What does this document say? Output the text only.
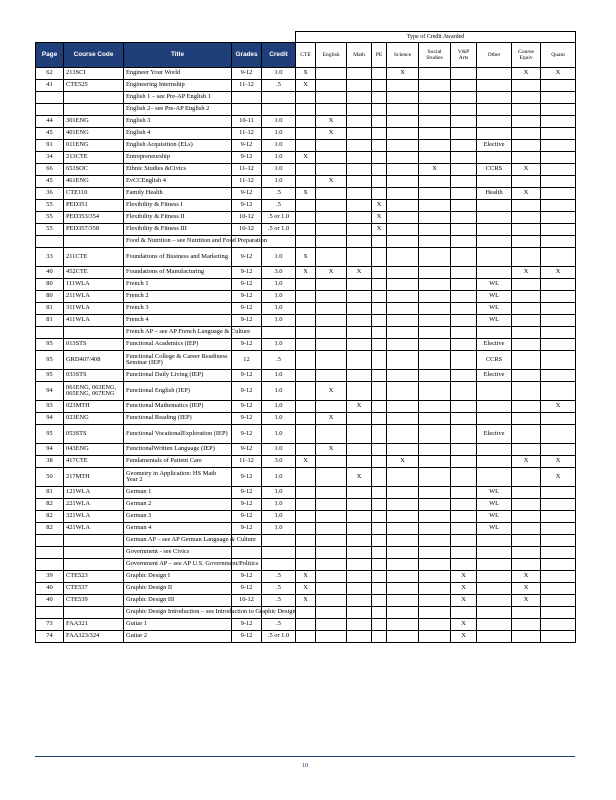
					Type of Credit Awarded									
Page	Course Code	Title	Grades	Credit	CTE	English	Math	PE	Science	Social Studies	V&P Arts	Other	Course Equiv	Quant
62	213SCI	Engineer Your World	9-12	1.0	X				X				X	X
41	CTE525	Engineering Internship	11-12	.5	X									
		English 1 – see Pre-AP English 1												
		English 2– see Pre-AP English 2												
44	301ENG	English 3	10-11	1.0		X								
45	401ENG	English 4	11-12	1.0		X								
91	011ENG	English Acquisition (ELs)	9-12	1.0								Elective		
34	213CTE	Entrepreneurship	9-12	1.0	X									
66	653SOC	Ethnic Studies &Civics	11-12	1.0						X		CCRS	X	
45	461ENG	EvCCEnglish 4	11-12	1.0		X								
36	CTE110	Family Health	9-12	.5	X							Health	X	
55	PED351	Flexibility & Fitness I	9-12	.5				X						
55	PED353/354	Flexibility & Fitness II	10-12	.5 or 1.0				X						
55	PED357/358	Flexibility & Fitness III	10-12	.5 or 1.0				X						
		Food & Nutrition – see Nutrition and Food Preparation												
33	211CTE	Foundations of Business and Marketing	9-12	1.0	X									
40	452CTE	Foundations of Manufacturing	9-12	3.0	X	X	X						X	X
80	111WLA	French 1	9-12	1.0								WL		
80	211WLA	French 2	9-12	1.0								WL		
81	311WLA	French 3	9-12	1.0								WL		
81	411WLA	French 4	9-12	1.0								WL		
		French AP – see AP French Language & Culture												
95	013STS	Functional Academics (IEP)	9-12	1.0								Elective		
95	GRD407/408	Functional College & Career Readiness Seminar (IEP)	12	.5								CCRS		
95	033STS	Functional Daily Living (IEP)	9-12	1.0								Elective		
94	061ENG, 063ENG, 065ENG, 067ENG	Functional English (IEP)	9-12	1.0		X								
93	023MTH	Functional Mathematics (IEP)	9-12	1.0			X							X
94	023ENG	Functional Reading (IEP)	9-12	1.0		X								
95	053STS	Functional VocationalExploration (IEP)	9-12	1.0								Elective		
94	043ENG	FunctionalWritten Language (IEP)	9-12	1.0		X								
38	417CTE	Fundamentals of Patient Care	11-12	3.0	X				X				X	X
50	217MTH	Geometry in Application: HS Math Year 2	9-12	1.0			X							X
81	121WLA	German 1	9-12	1.0								WL		
82	221WLA	German 2	9-12	1.0								WL		
82	321WLA	German 3	9-12	1.0								WL		
82	421WLA	German 4	9-12	1.0								WL		
		German AP – see AP German Language & Culture												
		Government - see Civics												
		Government AP – see AP U.S. Government/Politics												
39	CTE523	Graphic Design I	9-12	.5	X						X		X	
40	CTE537	Graphic Design II	9-12	.5	X						X		X	
40	CTE539	Graphic Design III	10-12	.5	X						X		X	
		Graphic Design Introduction – see Introduction to Graphic Design												
73	FAA321	Guitar 1	9-12	.5							X			
74	FAA323/324	Guitar 2	9-12	.5 or 1.0							X			
10
